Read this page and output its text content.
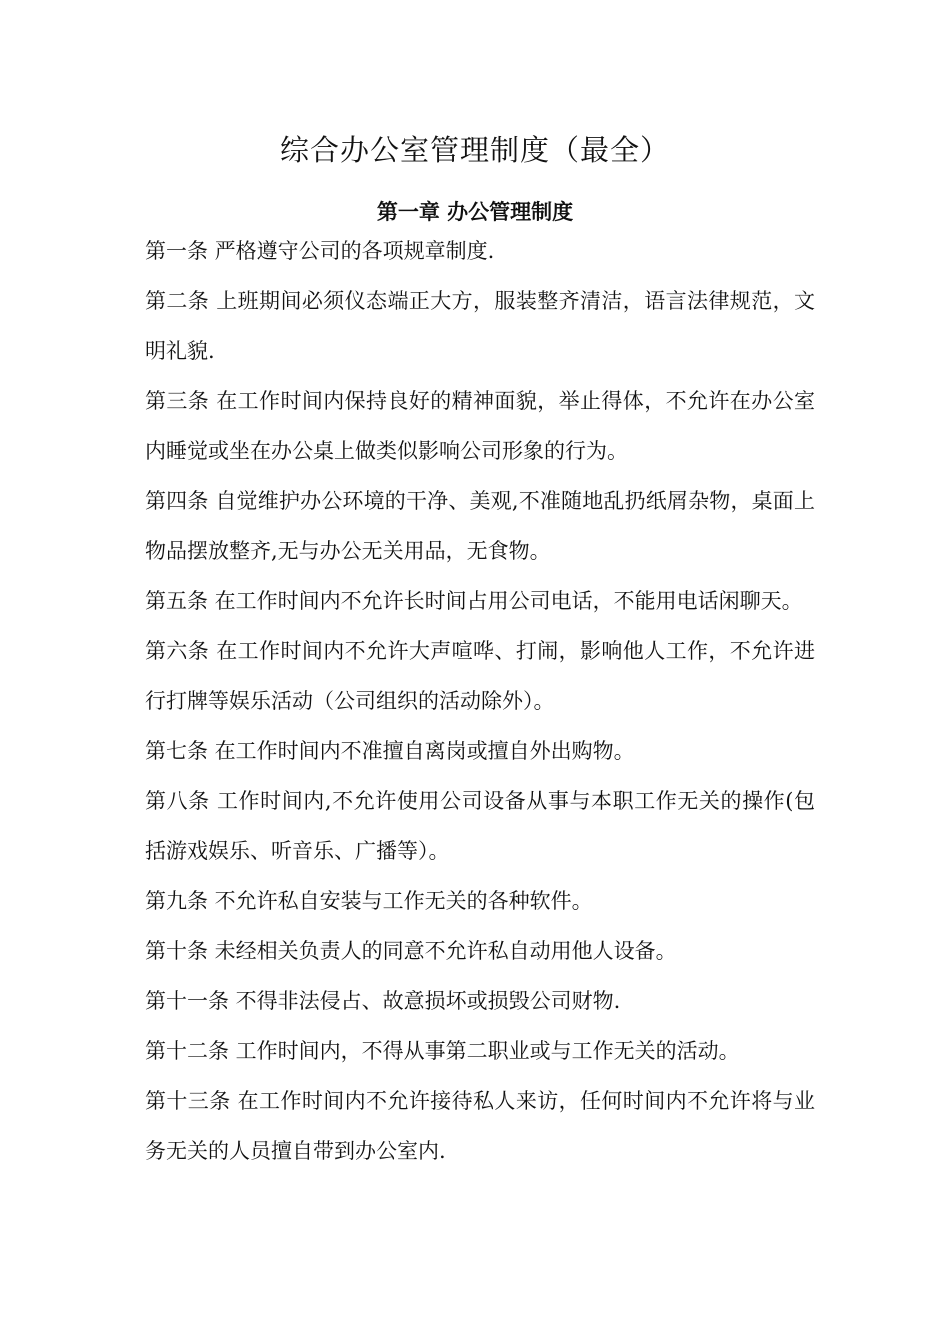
综合办公室管理制度（最全）
第一章 办公管理制度

第一条 严格遵守公司的各项规章制度.

第二条 上班期间必须仪态端正大方，服装整齐清洁，语言法律规范，文明礼貌.

第三条 在工作时间内保持良好的精神面貌，举止得体，不允许在办公室内睡觉或坐在办公桌上做类似影响公司形象的行为。

第四条 自觉维护办公环境的干净、美观,不准随地乱扔纸屑杂物，桌面上物品摆放整齐,无与办公无关用品，无食物。

第五条 在工作时间内不允许长时间占用公司电话，不能用电话闲聊天。

第六条 在工作时间内不允许大声喧哗、打闹，影响他人工作，不允许进行打牌等娱乐活动（公司组织的活动除外）。

第七条 在工作时间内不准擅自离岗或擅自外出购物。

第八条 工作时间内,不允许使用公司设备从事与本职工作无关的操作(包括游戏娱乐、听音乐、广播等）。

第九条 不允许私自安装与工作无关的各种软件。

第十条 未经相关负责人的同意不允许私自动用他人设备。

第十一条 不得非法侵占、故意损坏或损毁公司财物.

第十二条 工作时间内，不得从事第二职业或与工作无关的活动。

第十三条 在工作时间内不允许接待私人来访，任何时间内不允许将与业务无关的人员擅自带到办公室内.
